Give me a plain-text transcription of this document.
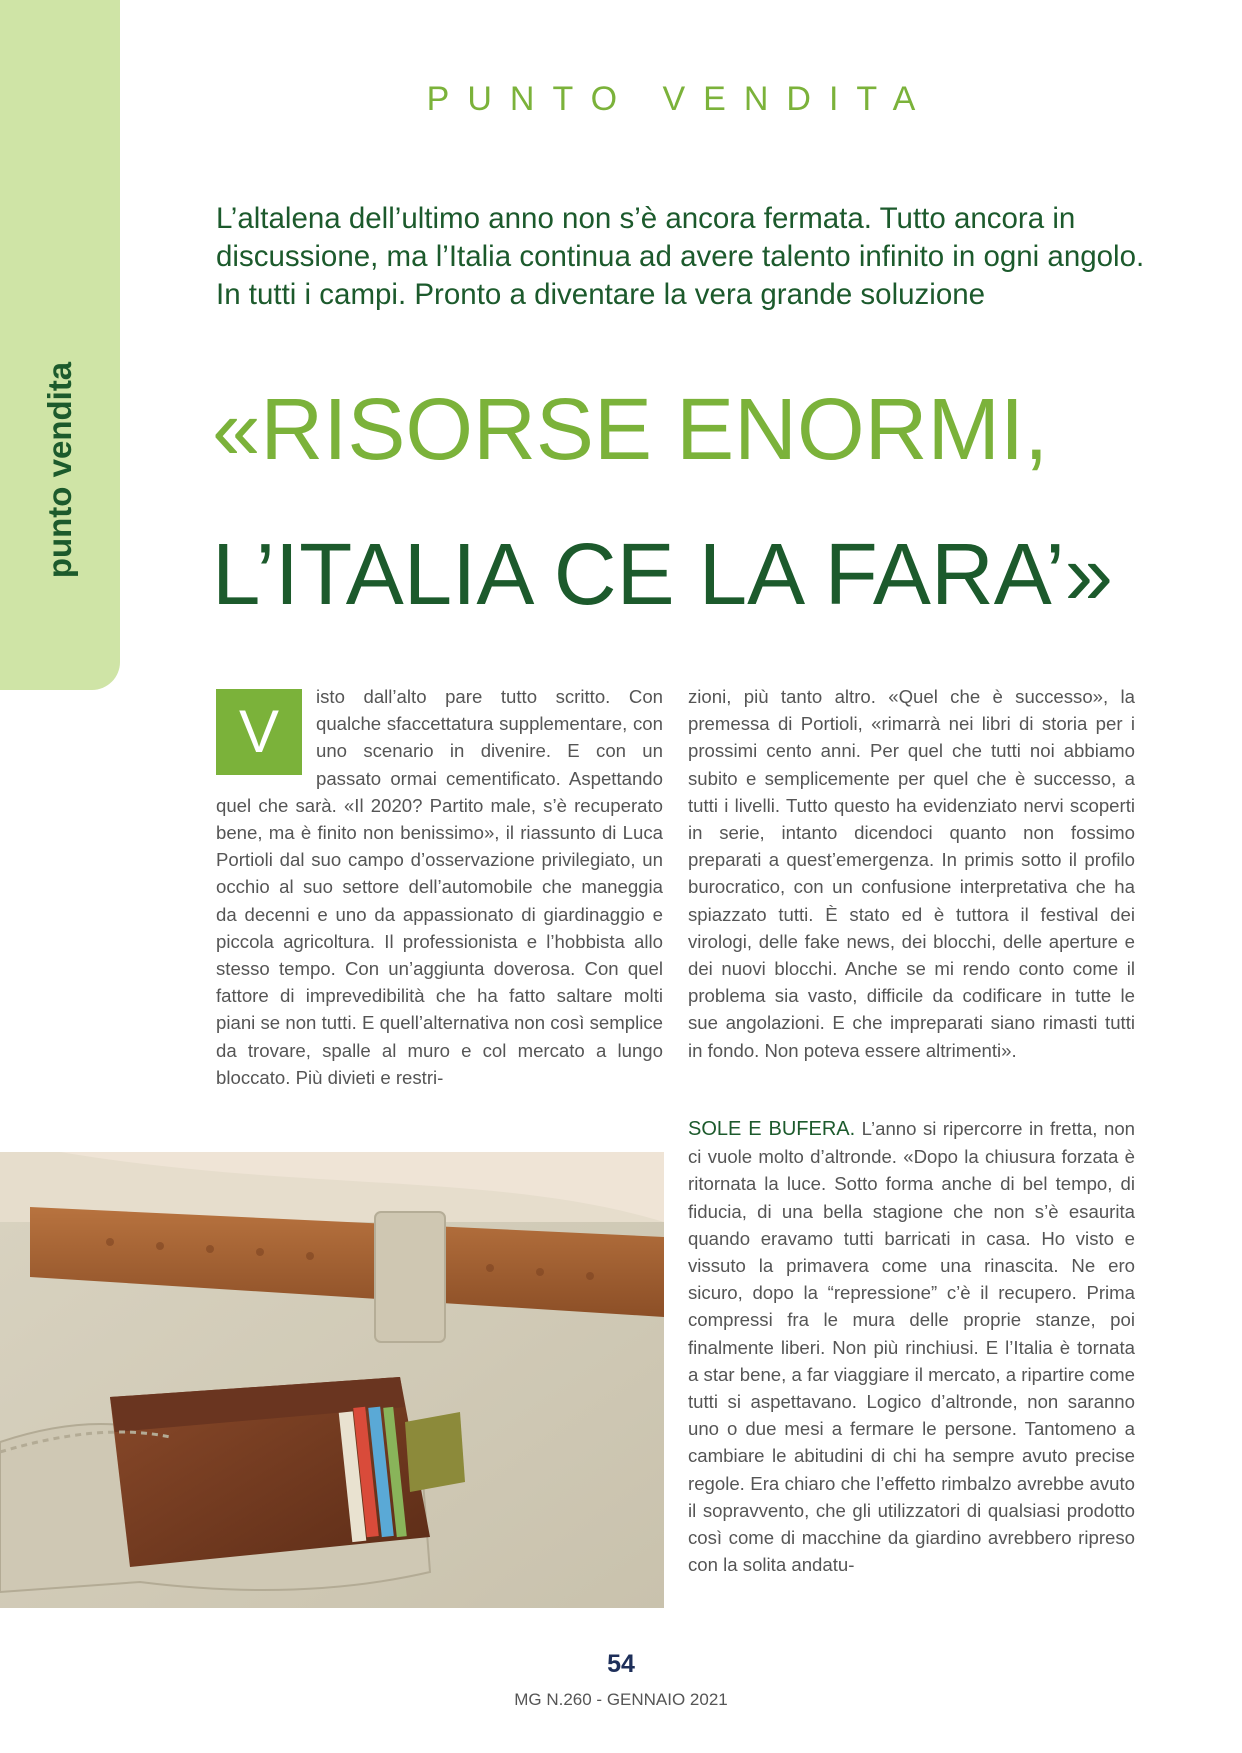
punto vendita
PUNTO VENDITA
L’altalena dell’ultimo anno non s’è ancora fermata. Tutto ancora in discussione, ma l’Italia continua ad avere talento infinito in ogni angolo. In tutti i campi. Pronto a diventare la vera grande soluzione
«RISORSE ENORMI,
L’ITALIA CE LA FARA’»

V
isto dall’alto pare tutto scritto. Con qualche sfaccettatura supplementare, con uno scenario in divenire. E con un passato ormai cementificato. Aspettando quel che sarà. «Il 2020? Partito male, s’è recuperato bene, ma è finito non benissimo», il riassunto di Luca Portioli dal suo campo d’osservazione privilegiato, un occhio al suo settore dell’automobile che maneggia da decenni e uno da appassionato di giardinaggio e piccola agricoltura. Il professionista e l’hobbista allo stesso tempo. Con un’aggiunta doverosa. Con quel fattore di imprevedibilità che ha fatto saltare molti piani se non tutti. E quell’alternativa non così semplice da trovare, spalle al muro e col mercato a lungo bloccato. Più divieti e restri-

zioni, più tanto altro. «Quel che è successo», la premessa di Portioli, «rimarrà nei libri di storia per i prossimi cento anni. Per quel che tutti noi abbiamo subito e semplicemente per quel che è successo, a tutti i livelli. Tutto questo ha evidenziato nervi scoperti in serie, intanto dicendoci quanto non fossimo preparati a quest’emergenza. In primis sotto il profilo burocratico, con un confusione interpretativa che ha spiazzato tutti. È stato ed è tuttora il festival dei virologi, delle fake news, dei blocchi, delle aperture e dei nuovi blocchi. Anche se mi rendo conto come il problema sia vasto, difficile da codificare in tutte le sue angolazioni. E che impreparati siano rimasti tutti in fondo. Non poteva essere altrimenti».

SOLE E BUFERA. L’anno si ripercorre in fretta, non ci vuole molto d’altronde. «Dopo la chiusura forzata è ritornata la luce. Sotto forma anche di bel tempo, di fiducia, di una bella stagione che non s’è esaurita quando eravamo tutti barricati in casa. Ho visto e vissuto la primavera come una rinascita. Ne ero sicuro, dopo la “repressione” c’è il recupero. Prima compressi fra le mura delle proprie stanze, poi finalmente liberi. Non più rinchiusi. E l’Italia è tornata a star bene, a far viaggiare il mercato, a ripartire come tutti si aspettavano. Logico d’altronde, non saranno uno o due mesi a fermare le persone. Tantomeno a cambiare le abitudini di chi ha sempre avuto precise regole. Era chiaro che l’effetto rimbalzo avrebbe avuto il sopravvento, che gli utilizzatori di qualsiasi prodotto così come di macchine da giardino avrebbero ripreso con la solita andatu-

54
MG N.260 - GENNAIO 2021
